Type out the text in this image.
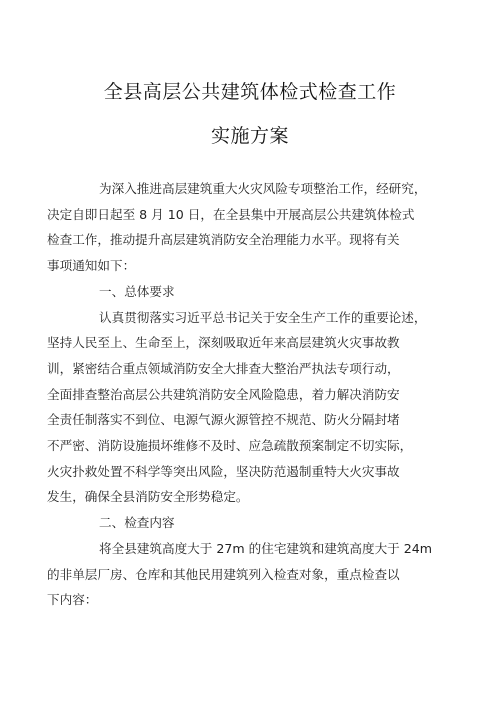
全县高层公共建筑体检式检查工作
实施方案

为深入推进高层建筑重大火灾风险专项整治工作，经研究，
决定自即日起至 8 月 10 日，在全县集中开展高层公共建筑体检式
检查工作，推动提升高层建筑消防安全治理能力水平。现将有关
事项通知如下：

一、总体要求

认真贯彻落实习近平总书记关于安全生产工作的重要论述，
坚持人民至上、生命至上，深刻吸取近年来高层建筑火灾事故教
训，紧密结合重点领域消防安全大排查大整治严执法专项行动，
全面排查整治高层公共建筑消防安全风险隐患，着力解决消防安
全责任制落实不到位、电源气源火源管控不规范、防火分隔封堵
不严密、消防设施损坏维修不及时、应急疏散预案制定不切实际，
火灾扑救处置不科学等突出风险，坚决防范遏制重特大火灾事故
发生，确保全县消防安全形势稳定。

二、检查内容

将全县建筑高度大于 27m 的住宅建筑和建筑高度大于 24m
的非单层厂房、仓库和其他民用建筑列入检查对象，重点检查以
下内容：
